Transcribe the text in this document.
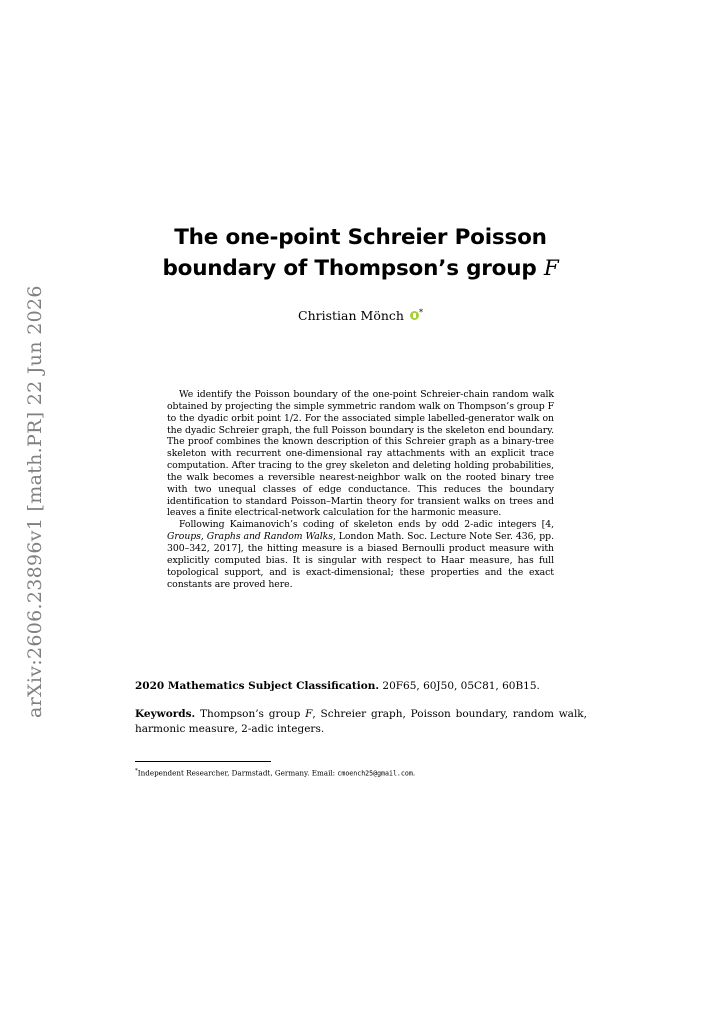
arXiv:2606.23896v1 [math.PR] 22 Jun 2026
The one-point Schreier Poisson
boundary of Thompson’s group F
Christian Mönch *

We identify the Poisson boundary of the one-point Schreier-chain random walk obtained by projecting the simple symmetric random walk on Thompson’s group F to the dyadic orbit point 1/2. For the associated simple labelled-generator walk on the dyadic Schreier graph, the full Poisson boundary is the skeleton end boundary. The proof combines the known description of this Schreier graph as a binary-tree skeleton with recurrent one-dimensional ray attachments with an explicit trace computation. After tracing to the grey skeleton and deleting holding probabilities, the walk becomes a reversible nearest-neighbor walk on the rooted binary tree with two unequal classes of edge conductance. This reduces the boundary identification to standard Poisson–Martin theory for transient walks on trees and leaves a finite electrical-network calculation for the harmonic measure.

Following Kaimanovich’s coding of skeleton ends by odd 2-adic integers [4, Groups, Graphs and Random Walks, London Math. Soc. Lecture Note Ser. 436, pp. 300–342, 2017], the hitting measure is a biased Bernoulli product measure with explicitly computed bias. It is singular with respect to Haar measure, has full topological support, and is exact-dimensional; these properties and the exact constants are proved here.

2020 Mathematics Subject Classification. 20F65, 60J50, 05C81, 60B15.
Keywords. Thompson’s group F, Schreier graph, Poisson boundary, random walk, harmonic measure, 2-adic integers.
*Independent Researcher, Darmstadt, Germany. Email: cmoench25@gmail.com.
